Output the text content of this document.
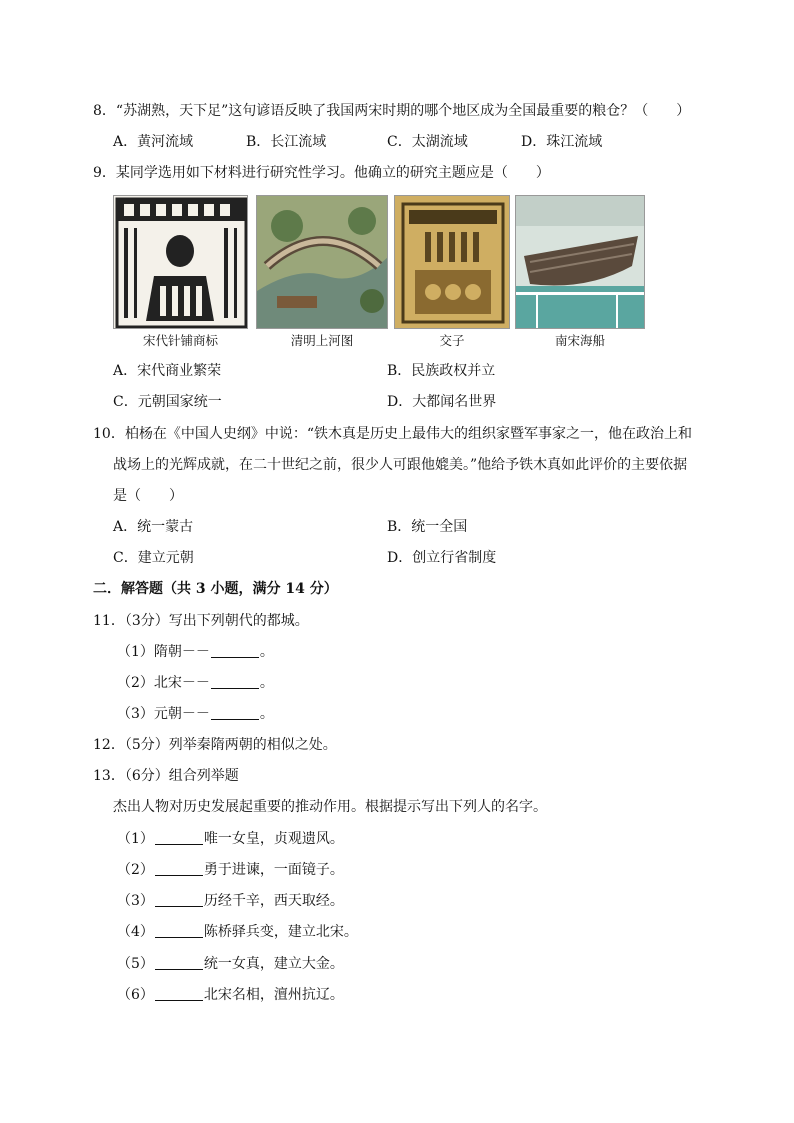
8．“苏湖熟，天下足”这句谚语反映了我国两宋时期的哪个地区成为全国最重要的粮仓？（　　）
A．黄河流域	B．长江流域	C．太湖流域	D．珠江流域
9．某同学选用如下材料进行研究性学习。他确立的研究主题应是（　　）
宋代针铺商标	清明上河图	交子	南宋海船
A．宋代商业繁荣	B．民族政权并立
C．元朝国家统一	D．大都闻名世界
10．柏杨在《中国人史纲》中说：“铁木真是历史上最伟大的组织家暨军事家之一，他在政治上和
战场上的光辉成就，在二十世纪之前，很少人可跟他媲美。”他给予铁木真如此评价的主要依据
是（　　）
A．统一蒙古	B．统一全国
C．建立元朝	D．创立行省制度
二．解答题（共 3 小题，满分 14 分）
11．（3分）写出下列朝代的都城。
（1）隋朝－－	。
（2）北宋－－	。
（3）元朝－－	。
12．（5分）列举秦隋两朝的相似之处。
13．（6分）组合列举题
杰出人物对历史发展起重要的推动作用。根据提示写出下列人的名字。
（1）	唯一女皇，贞观遗风。
（2）	勇于进谏，一面镜子。
（3）	历经千辛，西天取经。
（4）	陈桥驿兵变，建立北宋。
（5）	统一女真，建立大金。
（6）	北宋名相，澶州抗辽。
